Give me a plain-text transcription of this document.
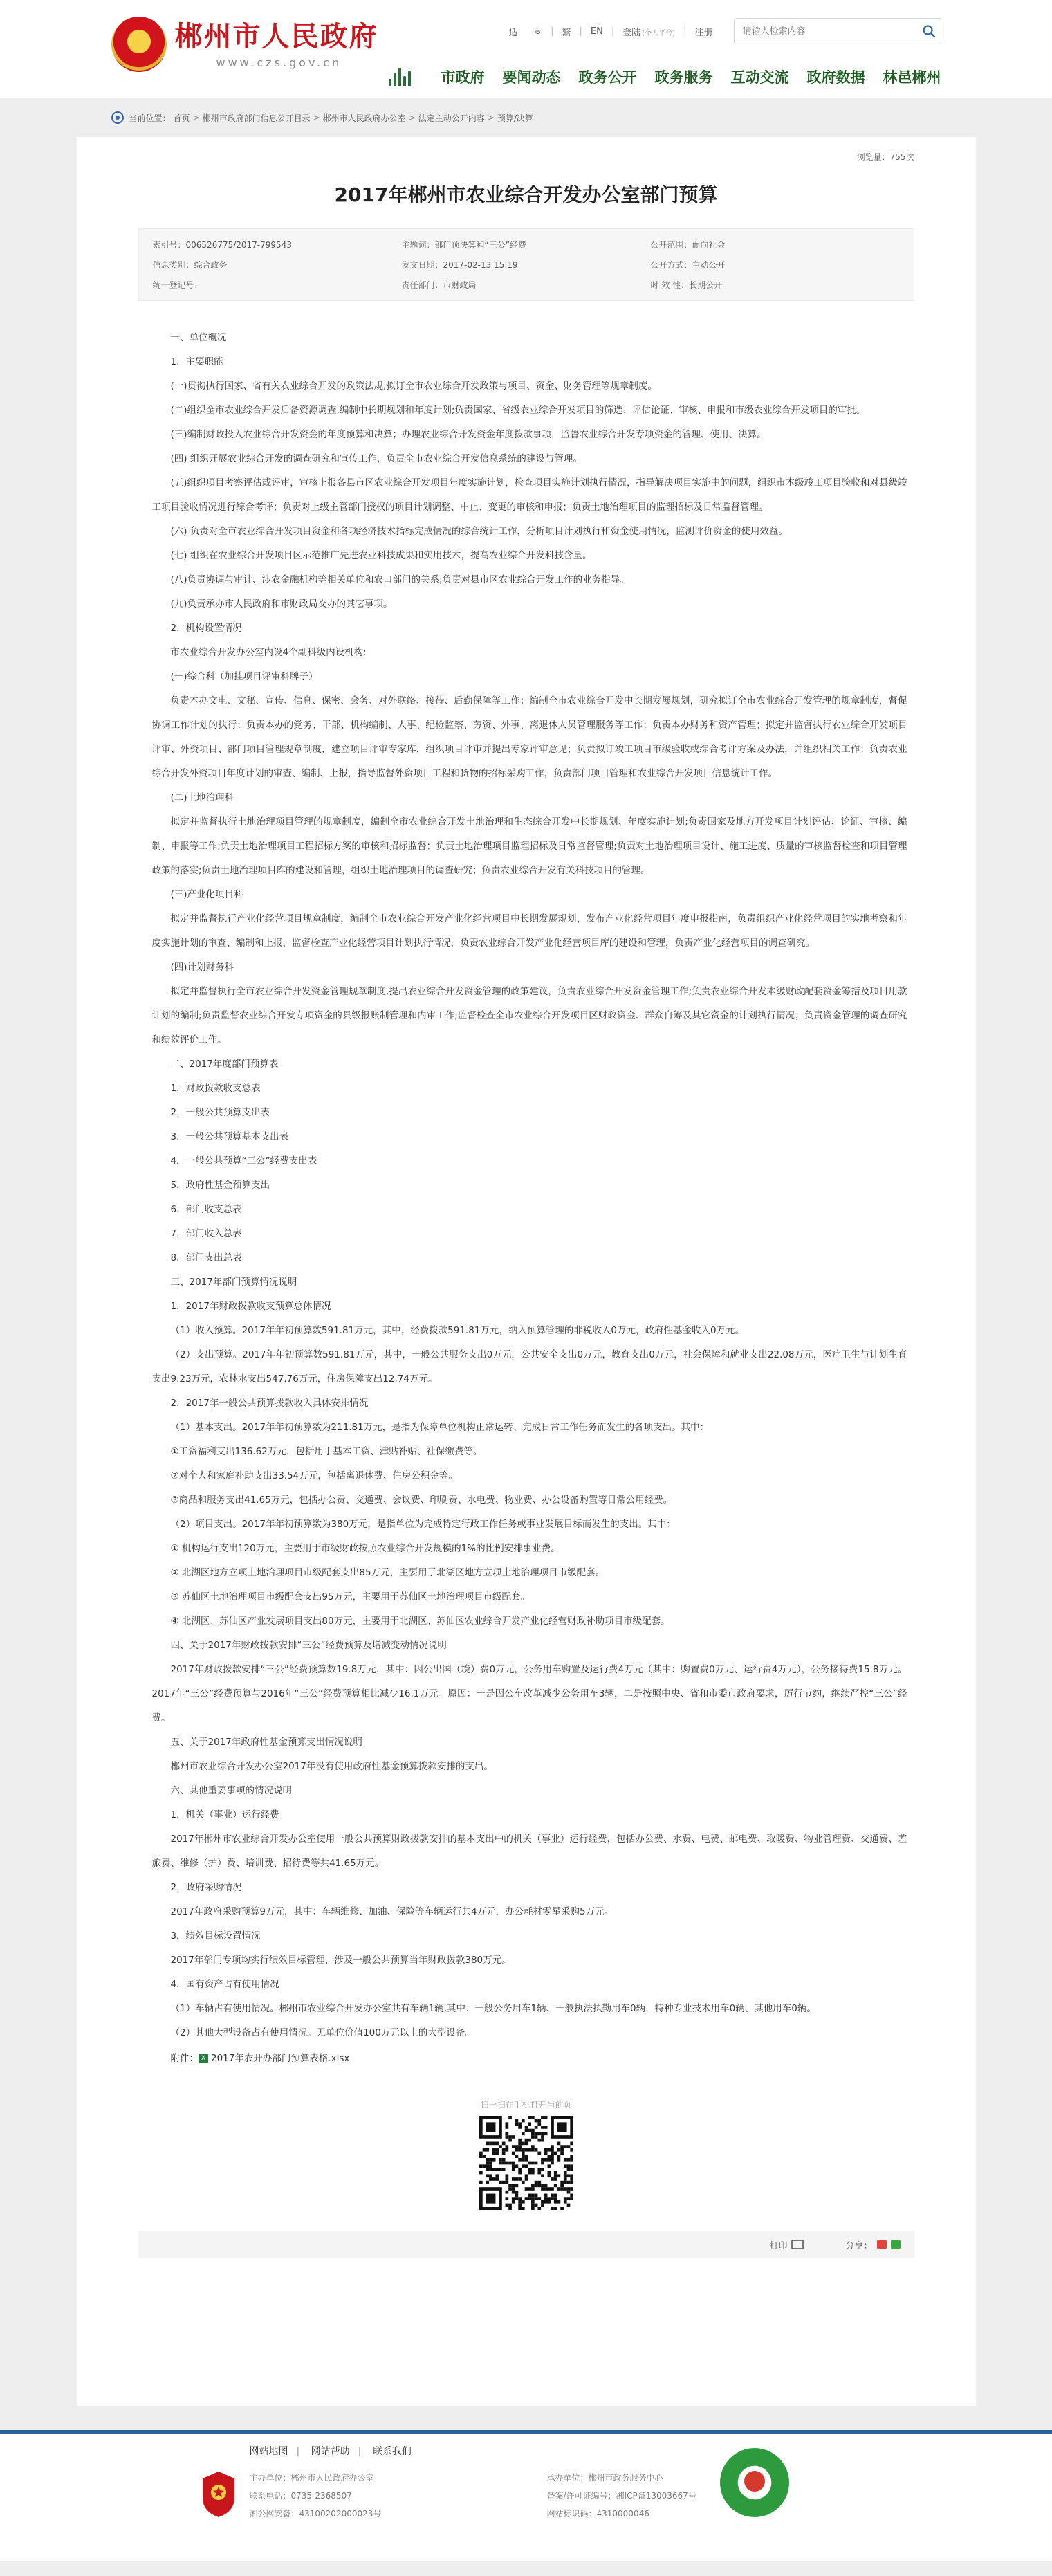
★
郴州市人民政府
www.czs.gov.cn
适 ♿ | 繁 | EN | 登陆 (个人平台) | 注册
请输入检索内容
市政府 要闻动态 政务公开 政务服务 互动交流 政府数据 林邑郴州
当前位置： 首页 > 郴州市政府部门信息公开目录 > 郴州市人民政府办公室 > 法定主动公开内容 > 预算/决算
浏览量：755次
2017年郴州市农业综合开发办公室部门预算
索引号：006526775/2017-799543	主题词：部门预决算和“三公”经费	公开范围：面向社会
信息类别：综合政务	发文日期：2017-02-13 15:19	公开方式：主动公开
统一登记号：	责任部门：市财政局	时 效 性：长期公开

一、单位概况

1．主要职能

(一)贯彻执行国家、省有关农业综合开发的政策法规,拟订全市农业综合开发政策与项目、资金、财务管理等规章制度。

(二)组织全市农业综合开发后备资源调查,编制中长期规划和年度计划;负责国家、省级农业综合开发项目的筛选、评估论证、审核、申报和市级农业综合开发项目的审批。

(三)编制财政投入农业综合开发资金的年度预算和决算；办理农业综合开发资金年度拨款事项，监督农业综合开发专项资金的管理、使用、决算。

(四) 组织开展农业综合开发的调查研究和宣传工作，负责全市农业综合开发信息系统的建设与管理。

(五)组织项目考察评估或评审，审核上报各县市区农业综合开发项目年度实施计划，检查项目实施计划执行情况，指导解决项目实施中的问题，组织市本级竣工项目验收和对县级竣工项目验收情况进行综合考评；负责对上级主管部门授权的项目计划调整、中止、变更的审核和申报；负责土地治理项目的监理招标及日常监督管理。

(六) 负责对全市农业综合开发项目资金和各项经济技术指标完成情况的综合统计工作，分析项目计划执行和资金使用情况，监测评价资金的使用效益。

(七) 组织在农业综合开发项目区示范推广先进农业科技成果和实用技术，提高农业综合开发科技含量。

(八)负责协调与审计、涉农金融机构等相关单位和农口部门的关系;负责对县市区农业综合开发工作的业务指导。

(九)负责承办市人民政府和市财政局交办的其它事项。

2．机构设置情况

市农业综合开发办公室内设4个副科级内设机构:

(一)综合科（加挂项目评审科牌子）

负责本办文电、文秘、宣传、信息、保密、会务、对外联络、接待、后勤保障等工作；编制全市农业综合开发中长期发展规划，研究拟订全市农业综合开发管理的规章制度，督促协调工作计划的执行；负责本办的党务、干部、机构编制、人事、纪检监察、劳资、外事、离退休人员管理服务等工作；负责本办财务和资产管理；拟定并监督执行农业综合开发项目评审、外资项目、部门项目管理规章制度，建立项目评审专家库，组织项目评审并提出专家评审意见；负责拟订竣工项目市级验收或综合考评方案及办法，并组织相关工作；负责农业综合开发外资项目年度计划的审查、编制、上报，指导监督外资项目工程和货物的招标采购工作，负责部门项目管理和农业综合开发项目信息统计工作。

(二)土地治理科

拟定并监督执行土地治理项目管理的规章制度，编制全市农业综合开发土地治理和生态综合开发中长期规划、年度实施计划;负责国家及地方开发项目计划评估、论证、审核、编制、申报等工作;负责土地治理项目工程招标方案的审核和招标监督；负责土地治理项目监理招标及日常监督管理;负责对土地治理项目设计、施工进度、质量的审核监督检查和项目管理政策的落实;负责土地治理项目库的建设和管理，组织土地治理项目的调查研究；负责农业综合开发有关科技项目的管理。

(三)产业化项目科

拟定并监督执行产业化经营项目规章制度，编制全市农业综合开发产业化经营项目中长期发展规划，发布产业化经营项目年度申报指南，负责组织产业化经营项目的实地考察和年度实施计划的审查、编制和上报，监督检查产业化经营项目计划执行情况，负责农业综合开发产业化经营项目库的建设和管理，负责产业化经营项目的调查研究。

(四)计划财务科

拟定并监督执行全市农业综合开发资金管理规章制度,提出农业综合开发资金管理的政策建议，负责农业综合开发资金管理工作;负责农业综合开发本级财政配套资金筹措及项目用款计划的编制;负责监督农业综合开发专项资金的县级报账制管理和内审工作;监督检查全市农业综合开发项目区财政资金、群众自筹及其它资金的计划执行情况；负责资金管理的调查研究和绩效评价工作。

二、2017年度部门预算表

1．财政拨款收支总表

2．一般公共预算支出表

3．一般公共预算基本支出表

4．一般公共预算“三公”经费支出表

5．政府性基金预算支出

6．部门收支总表

7．部门收入总表

8．部门支出总表

三、2017年部门预算情况说明

1．2017年财政拨款收支预算总体情况

（1）收入预算。2017年年初预算数591.81万元，其中，经费拨款591.81万元，纳入预算管理的非税收入0万元，政府性基金收入0万元。

（2）支出预算。2017年年初预算数591.81万元，其中，一般公共服务支出0万元，公共安全支出0万元，教育支出0万元，社会保障和就业支出22.08万元，医疗卫生与计划生育支出9.23万元，农林水支出547.76万元，住房保障支出12.74万元。

2．2017年一般公共预算拨款收入具体安排情况

（1）基本支出。2017年年初预算数为211.81万元，是指为保障单位机构正常运转、完成日常工作任务而发生的各项支出。其中：

①工资福利支出136.62万元，包括用于基本工资、津贴补贴、社保缴费等。

②对个人和家庭补助支出33.54万元，包括离退休费、住房公积金等。

③商品和服务支出41.65万元，包括办公费、交通费、会议费、印刷费、水电费、物业费、办公设备购置等日常公用经费。

（2）项目支出。2017年年初预算数为380万元，是指单位为完成特定行政工作任务或事业发展目标而发生的支出。其中：

① 机构运行支出120万元，主要用于市级财政按照农业综合开发规模的1%的比例安排事业费。

② 北湖区地方立项土地治理项目市级配套支出85万元，主要用于北湖区地方立项土地治理项目市级配套。

③ 苏仙区土地治理项目市级配套支出95万元，主要用于苏仙区土地治理项目市级配套。

④ 北湖区、苏仙区产业发展项目支出80万元，主要用于北湖区、苏仙区农业综合开发产业化经营财政补助项目市级配套。

四、关于2017年财政拨款安排“三公”经费预算及增减变动情况说明

2017年财政拨款安排“三公”经费预算数19.8万元，其中：因公出国（境）费0万元，公务用车购置及运行费4万元（其中：购置费0万元、运行费4万元），公务接待费15.8万元。2017年“三公”经费预算与2016年“三公”经费预算相比减少16.1万元。原因：一是因公车改革减少公务用车3辆，二是按照中央、省和市委市政府要求，厉行节约，继续严控“三公”经费。

五、关于2017年政府性基金预算支出情况说明

郴州市农业综合开发办公室2017年没有使用政府性基金预算拨款安排的支出。

六、其他重要事项的情况说明

1．机关（事业）运行经费

2017年郴州市农业综合开发办公室使用一般公共预算财政拨款安排的基本支出中的机关（事业）运行经费，包括办公费、水费、电费、邮电费、取暖费、物业管理费、交通费、差旅费、维修（护）费、培训费、招待费等共41.65万元。

2．政府采购情况

2017年政府采购预算9万元，其中：车辆维修、加油、保险等车辆运行共4万元，办公耗材零星采购5万元。

3．绩效目标设置情况

2017年部门专项均实行绩效目标管理，涉及一般公共预算当年财政拨款380万元。

4．国有资产占有使用情况

（1）车辆占有使用情况。郴州市农业综合开发办公室共有车辆1辆,其中：一般公务用车1辆、一般执法执勤用车0辆，特种专业技术用车0辆、其他用车0辆。

（2）其他大型设备占有使用情况。无单位价值100万元以上的大型设备。

附件： X 2017年农开办部门预算表格.xlsx

扫一扫在手机打开当前页
打印	分享：
网站地图 | 网站帮助 | 联系我们
主办单位：郴州市人民政府办公室
联系电话：0735-2368507
湘公网安备：43100202000023号
承办单位：郴州市政务服务中心
备案/许可证编号：湘ICP备13003667号
网站标识码：4310000046
